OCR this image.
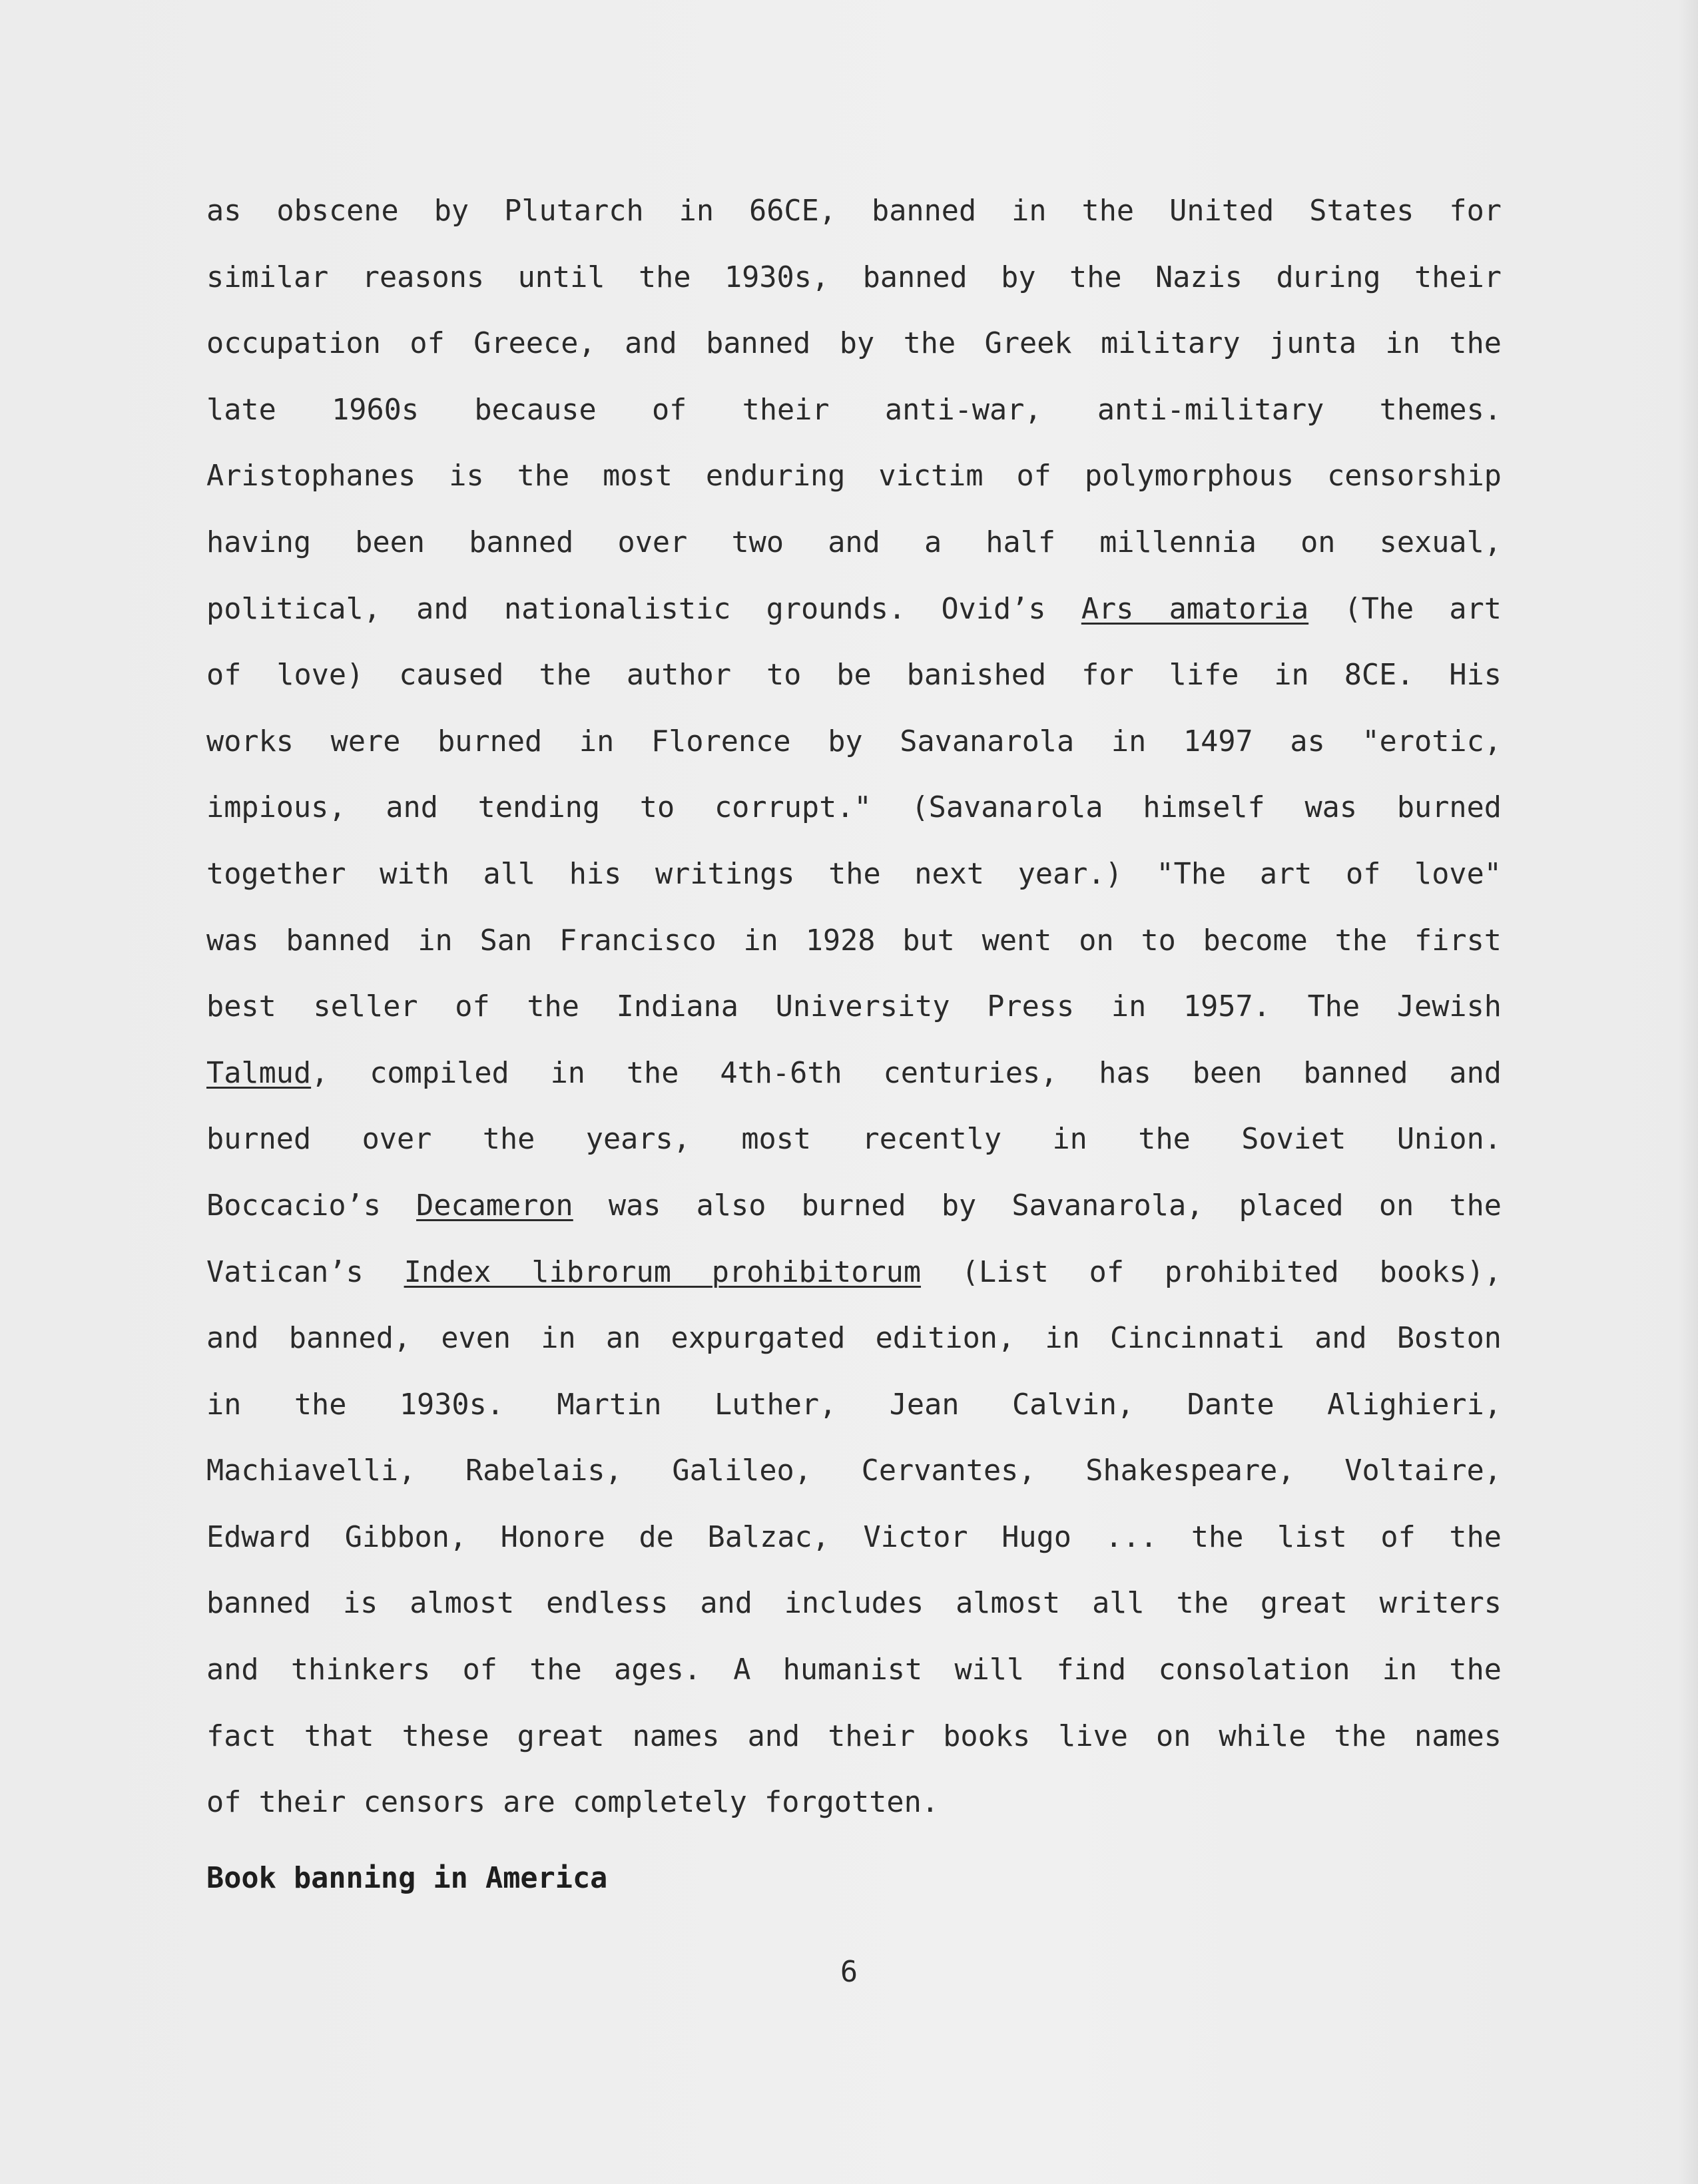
as obscene by Plutarch in 66CE, banned in the United States for
similar reasons until the 1930s, banned by the Nazis during their
occupation of Greece, and banned by the Greek military junta in the
late 1960s because of their anti-war, anti-military themes.
Aristophanes is the most enduring victim of polymorphous censorship
having been banned over two and a half millennia on sexual,
political, and nationalistic grounds. Ovid’s Ars amatoria (The art
of love) caused the author to be banished for life in 8CE. His
works were burned in Florence by Savanarola in 1497 as "erotic,
impious, and tending to corrupt." (Savanarola himself was burned
together with all his writings the next year.) "The art of love"
was banned in San Francisco in 1928 but went on to become the first
best seller of the Indiana University Press in 1957. The Jewish
Talmud, compiled in the 4th-6th centuries, has been banned and
burned over the years, most recently in the Soviet Union.
Boccacio’s Decameron was also burned by Savanarola, placed on the
Vatican’s Index librorum prohibitorum (List of prohibited books),
and banned, even in an expurgated edition, in Cincinnati and Boston
in the 1930s. Martin Luther, Jean Calvin, Dante Alighieri,
Machiavelli, Rabelais, Galileo, Cervantes, Shakespeare, Voltaire,
Edward Gibbon, Honore de Balzac, Victor Hugo ... the list of the
banned is almost endless and includes almost all the great writers
and thinkers of the ages. A humanist will find consolation in the
fact that these great names and their books live on while the names
of their censors are completely forgotten.
Book banning in America
6
